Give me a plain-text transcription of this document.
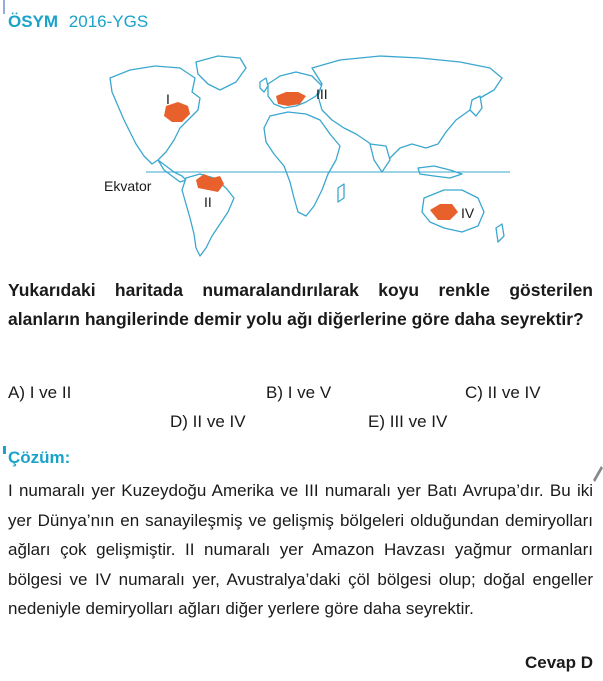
ÖSYM 2016-YGS
Ekvator
I
II
III
IV
Yukarıdaki haritada numaralandırılarak koyu renkle gösterilen alanların hangilerinde demir yolu ağı diğerlerine göre daha seyrektir?
A) I ve II	B) I ve V	C) II ve IV
D) II ve IV	E) III ve IV
Çözüm:
I numaralı yer Kuzeydoğu Amerika ve III numaralı yer Batı Avrupa’dır. Bu iki yer Dünya’nın en sanayileşmiş ve gelişmiş bölgeleri olduğundan demiryolları ağları çok gelişmiştir. II numaralı yer Amazon Havzası yağmur ormanları bölgesi ve IV numaralı yer, Avustralya’daki çöl bölgesi olup; doğal engeller nedeniyle demiryolları ağları diğer yerlere göre daha seyrektir.
Cevap D
